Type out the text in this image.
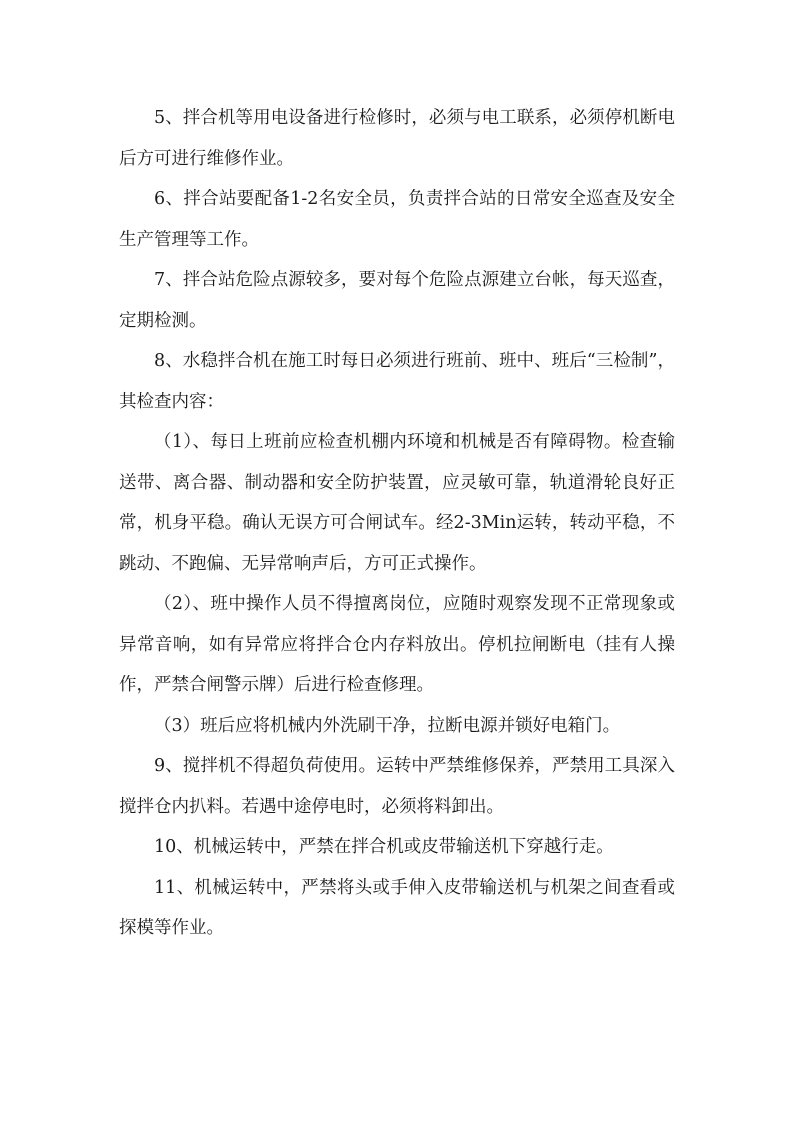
5、拌合机等用电设备进行检修时，必须与电工联系，必须停机断电后方可进行维修作业。

6、拌合站要配备1-2名安全员，负责拌合站的日常安全巡查及安全生产管理等工作。

7、拌合站危险点源较多，要对每个危险点源建立台帐，每天巡查，定期检测。

8、水稳拌合机在施工时每日必须进行班前、班中、班后“三检制”，其检查内容：

（1）、每日上班前应检查机棚内环境和机械是否有障碍物。检查输送带、离合器、制动器和安全防护装置，应灵敏可靠，轨道滑轮良好正常，机身平稳。确认无误方可合闸试车。经2-3Min运转，转动平稳，不跳动、不跑偏、无异常响声后，方可正式操作。

（2）、班中操作人员不得擅离岗位，应随时观察发现不正常现象或异常音响，如有异常应将拌合仓内存料放出。停机拉闸断电（挂有人操作，严禁合闸警示牌）后进行检查修理。

（3）班后应将机械内外洗刷干净，拉断电源并锁好电箱门。

9、搅拌机不得超负荷使用。运转中严禁维修保养，严禁用工具深入搅拌仓内扒料。若遇中途停电时，必须将料卸出。

10、机械运转中，严禁在拌合机或皮带输送机下穿越行走。

11、机械运转中，严禁将头或手伸入皮带输送机与机架之间查看或探模等作业。
